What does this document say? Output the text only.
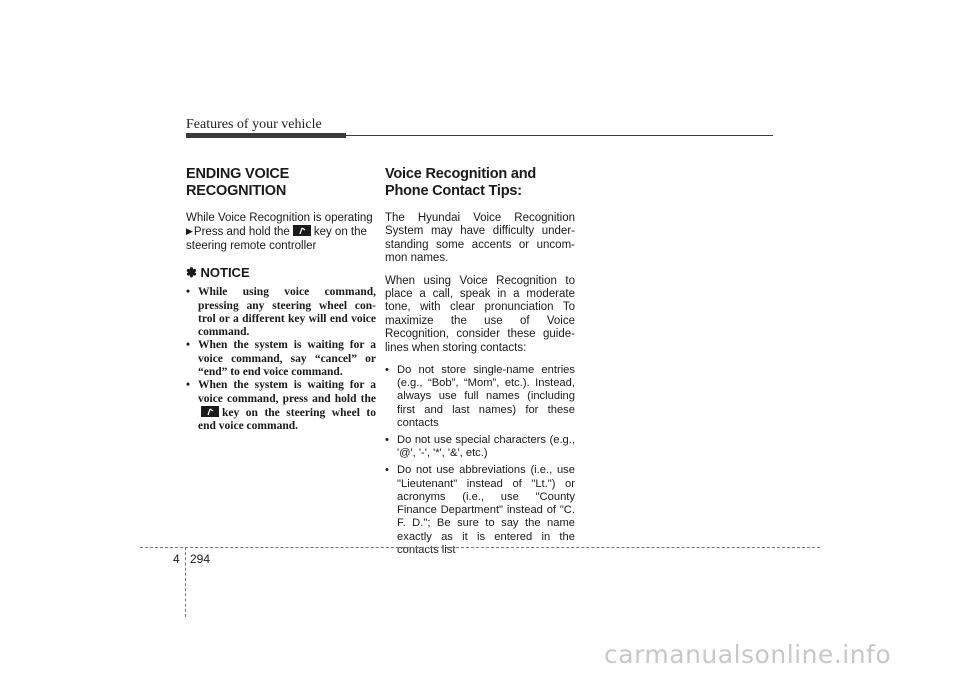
Features of your vehicle
ENDING VOICE RECOGNITION

While Voice Recognition is operating
▶Press and hold the key on the
steering remote controller

✽ NOTICE
• While using voice command, pressing any steering wheel con- trol or a different key will end voice command.
• When the system is waiting for a voice command, say “cancel” or “end” to end voice command.
• When the system is waiting for a voice command, press and hold the
key on the steering wheel to end voice command.
Voice Recognition and Phone Contact Tips:

The Hyundai Voice Recognition System may have difficulty under- standing some accents or uncom- mon names.

When using Voice Recognition to place a call, speak in a moderate tone, with clear pronunciation To maximize the use of Voice Recognition, consider these guide- lines when storing contacts:

• Do not store single-name entries (e.g., “Bob”, “Mom”, etc.). Instead, always use full names (including first and last names) for these contacts
• Do not use special characters (e.g., '@', '-', '*', '&', etc.)
• Do not use abbreviations (i.e., use "Lieutenant" instead of "Lt.") or acronyms (i.e., use "County Finance Department" instead of "C. F. D."; Be sure to say the name exactly as it is entered in the contacts list
4 294
carmanualsonline.info
